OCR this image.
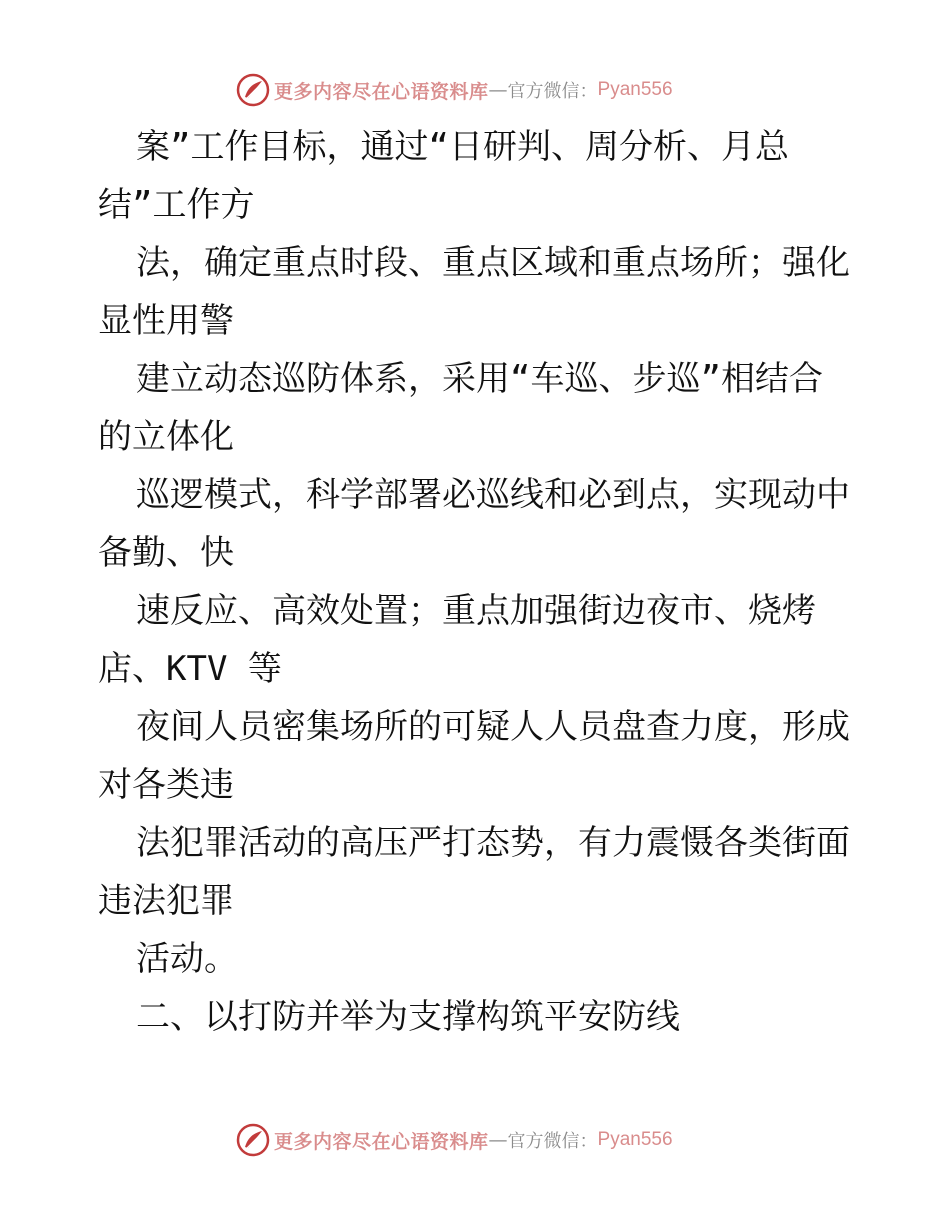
更多内容尽在心语资料库 — 官方微信： Pyan556
案”工作目标，通过“日研判、周分析、月总
结”工作方
法，确定重点时段、重点区域和重点场所；强化
显性用警
建立动态巡防体系，采用“车巡、步巡”相结合
的立体化
巡逻模式，科学部署必巡线和必到点，实现动中
备勤、快
速反应、高效处置；重点加强街边夜市、烧烤
店、KTV 等
夜间人员密集场所的可疑人人员盘查力度，形成
对各类违
法犯罪活动的高压严打态势，有力震慑各类街面
违法犯罪
活动。
二、以打防并举为支撑构筑平安防线
更多内容尽在心语资料库 — 官方微信： Pyan556
